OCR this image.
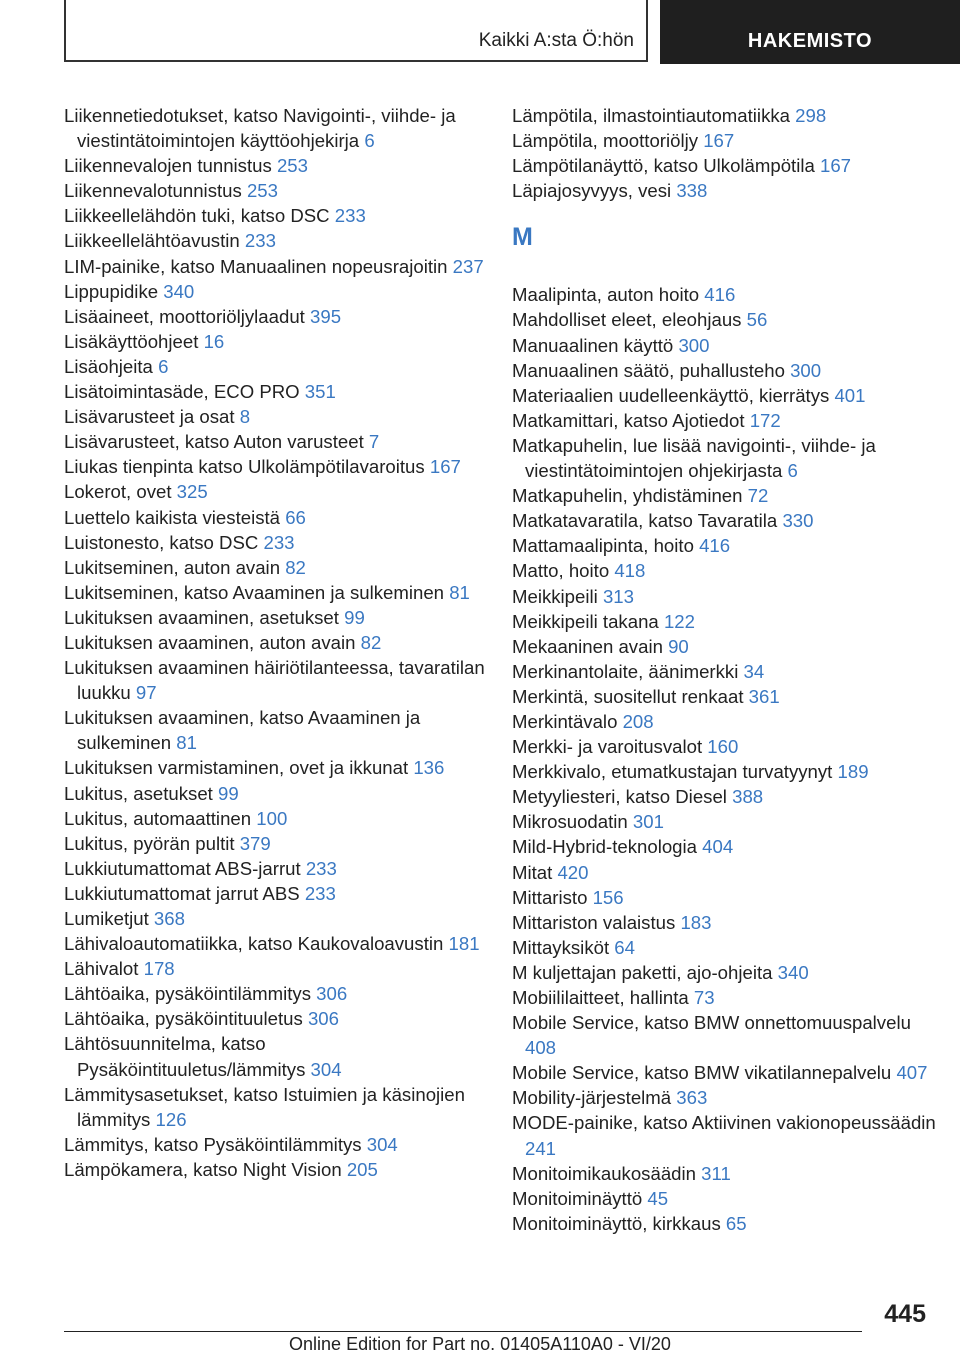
Kaikki A:sta Ö:hön	HAKEMISTO
Liikennetiedotukset, katso Navigointi-, viihde- ja viestintätoimintojen käyttöohjekirja 6
Liikennevalojen tunnistus 253
Liikennevalotunnistus 253
Liikkeellelähdön tuki, katso DSC 233
Liikkeellelähtöavustin 233
LIM-painike, katso Manuaalinen nopeusrajoitin 237
Lippupidike 340
Lisäaineet, moottoriöljylaadut 395
Lisäkäyttöohjeet 16
Lisäohjeita 6
Lisätoimintasäde, ECO PRO 351
Lisävarusteet ja osat 8
Lisävarusteet, katso Auton varusteet 7
Liukas tienpinta katso Ulkolämpötilavaroitus 167
Lokerot, ovet 325
Luettelo kaikista viesteistä 66
Luistonesto, katso DSC 233
Lukitseminen, auton avain 82
Lukitseminen, katso Avaaminen ja sulkeminen 81
Lukituksen avaaminen, asetukset 99
Lukituksen avaaminen, auton avain 82
Lukituksen avaaminen häiriötilanteessa, tavaratilan luukku 97
Lukituksen avaaminen, katso Avaaminen ja sulkeminen 81
Lukituksen varmistaminen, ovet ja ikkunat 136
Lukitus, asetukset 99
Lukitus, automaattinen 100
Lukitus, pyörän pultit 379
Lukkiutumattomat ABS-jarrut 233
Lukkiutumattomat jarrut ABS 233
Lumiketjut 368
Lähivaloautomatiikka, katso Kaukovaloavustin 181
Lähivalot 178
Lähtöaika, pysäköintilämmitys 306
Lähtöaika, pysäköintituuletus 306
Lähtösuunnitelma, katso Pysäköintituuletus/lämmitys 304
Lämmitysasetukset, katso Istuimien ja käsinojien lämmitys 126
Lämmitys, katso Pysäköintilämmitys 304
Lämpökamera, katso Night Vision 205
Lämpötila, ilmastointiautomatiikka 298
Lämpötila, moottoriöljy 167
Lämpötilanäyttö, katso Ulkolämpötila 167
Läpiajosyvyys, vesi 338
M
Maalipinta, auton hoito 416
Mahdolliset eleet, eleohjaus 56
Manuaalinen käyttö 300
Manuaalinen säätö, puhallusteho 300
Materiaalien uudelleenkäyttö, kierrätys 401
Matkamittari, katso Ajotiedot 172
Matkapuhelin, lue lisää navigointi-, viihde- ja viestintätoimintojen ohjekirjasta 6
Matkapuhelin, yhdistäminen 72
Matkatavaratila, katso Tavaratila 330
Mattamaalipinta, hoito 416
Matto, hoito 418
Meikkipeili 313
Meikkipeili takana 122
Mekaaninen avain 90
Merkinantolaite, äänimerkki 34
Merkintä, suositellut renkaat 361
Merkintävalo 208
Merkki- ja varoitusvalot 160
Merkkivalo, etumatkustajan turvatyynyt 189
Metyyliesteri, katso Diesel 388
Mikrosuodatin 301
Mild-Hybrid-teknologia 404
Mitat 420
Mittaristo 156
Mittariston valaistus 183
Mittayksiköt 64
M kuljettajan paketti, ajo-ohjeita 340
Mobiililaitteet, hallinta 73
Mobile Service, katso BMW onnettomuuspalvelu 408
Mobile Service, katso BMW vikatilannepalvelu 407
Mobility-järjestelmä 363
MODE-painike, katso Aktiivinen vakionopeussäädin 241
Monitoimikaukosäädin 311
Monitoiminäyttö 45
Monitoiminäyttö, kirkkaus 65
445
Online Edition for Part no. 01405A110A0 - VI/20
